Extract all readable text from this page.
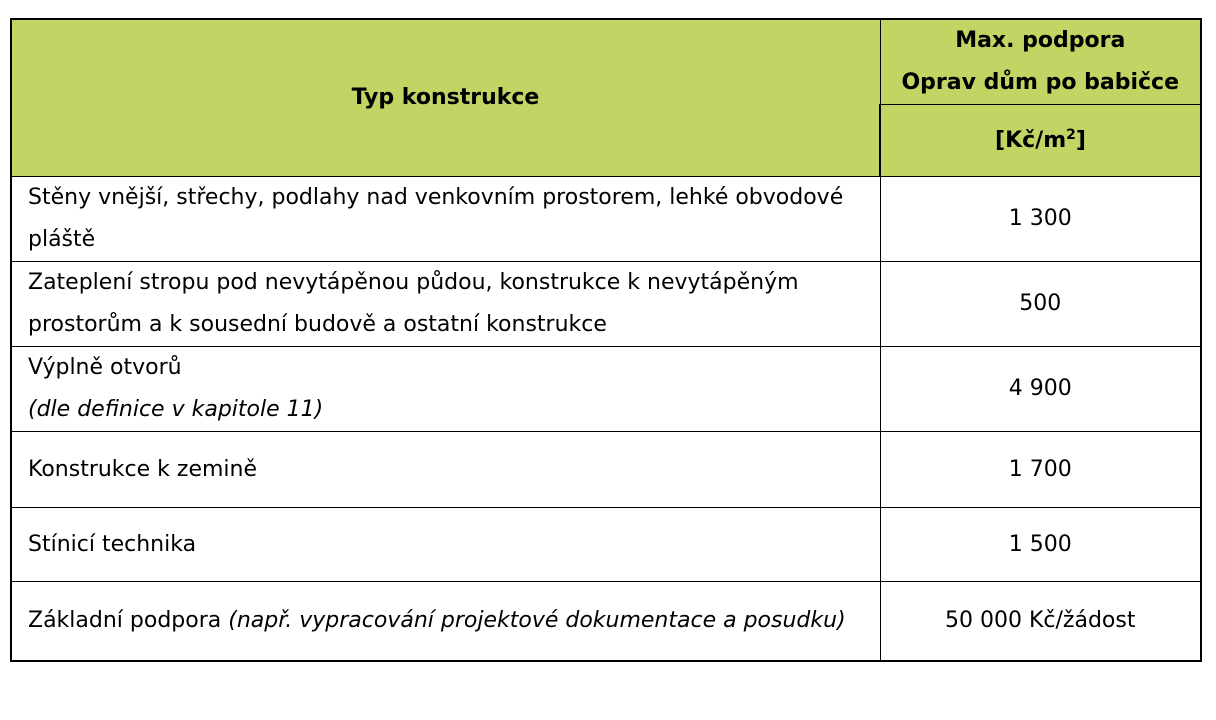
Typ konstrukce	Max. podpora
Oprav dům po babičce

	$[Kč/m^2]$
Stěny vnější, střechy, podlahy nad venkovním prostorem, lehké obvodové pláště	1 300
Zateplení stropu pod nevytápěnou půdou, konstrukce k nevytápěným prostorům a k sousední budově a ostatní konstrukce	500

Výplně otvorů
(dle definice v kapitole 11)	4 900
Konstrukce k zemině	1 700
Stínicí technika	1 500
Základní podpora (např. vypracování projektové dokumentace a posudku)	50 000 Kč/žádost
